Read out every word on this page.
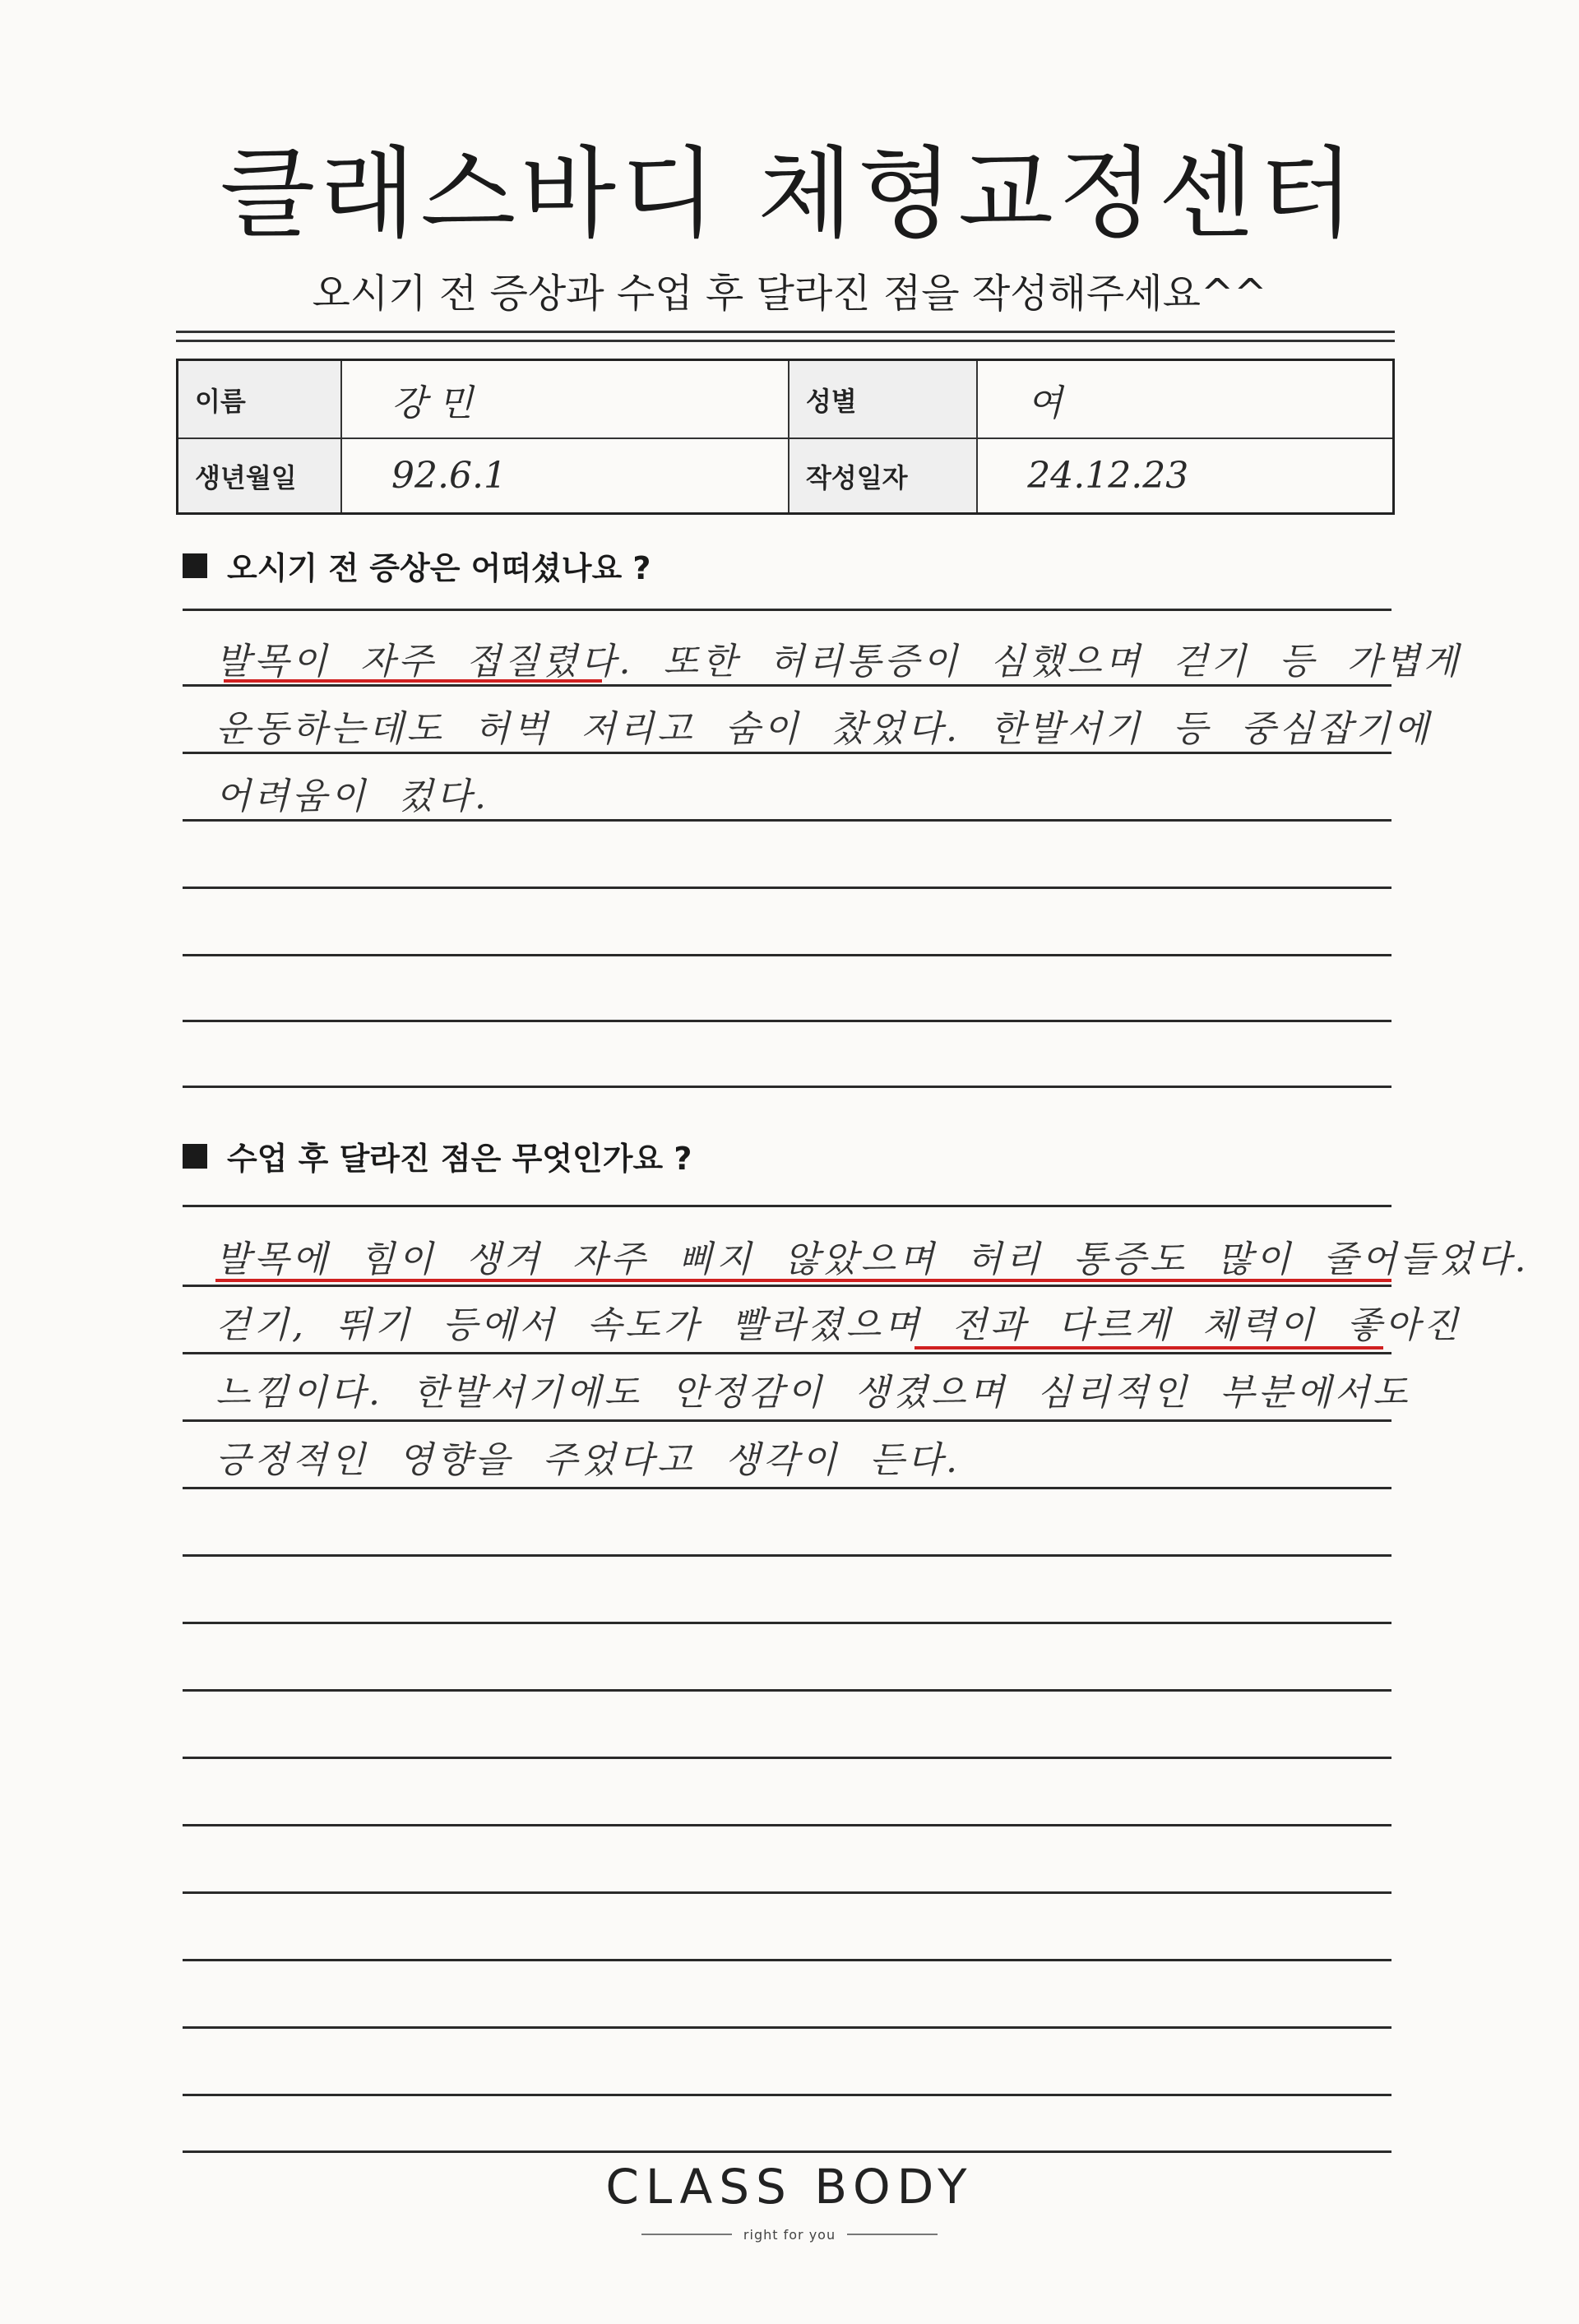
클래스바디 체형교정센터
오시기 전 증상과 수업 후 달라진 점을 작성해주세요^^
이름	강 민	성별	여
생년월일	92.6.1	작성일자	24.12.23
오시기 전 증상은 어떠셨나요 ?
발목이 자주 접질렸다. 또한 허리통증이 심했으며 걷기 등 가볍게
운동하는데도 허벅 저리고 숨이 찼었다. 한발서기 등 중심잡기에
어려움이 컸다.
수업 후 달라진 점은 무엇인가요 ?
발목에 힘이 생겨 자주 삐지 않았으며 허리 통증도 많이 줄어들었다.
걷기, 뛰기 등에서 속도가 빨라졌으며 전과 다르게 체력이 좋아진
느낌이다. 한발서기에도 안정감이 생겼으며 심리적인 부분에서도
긍정적인 영향을 주었다고 생각이 든다.
CLASS BODY
right for you
